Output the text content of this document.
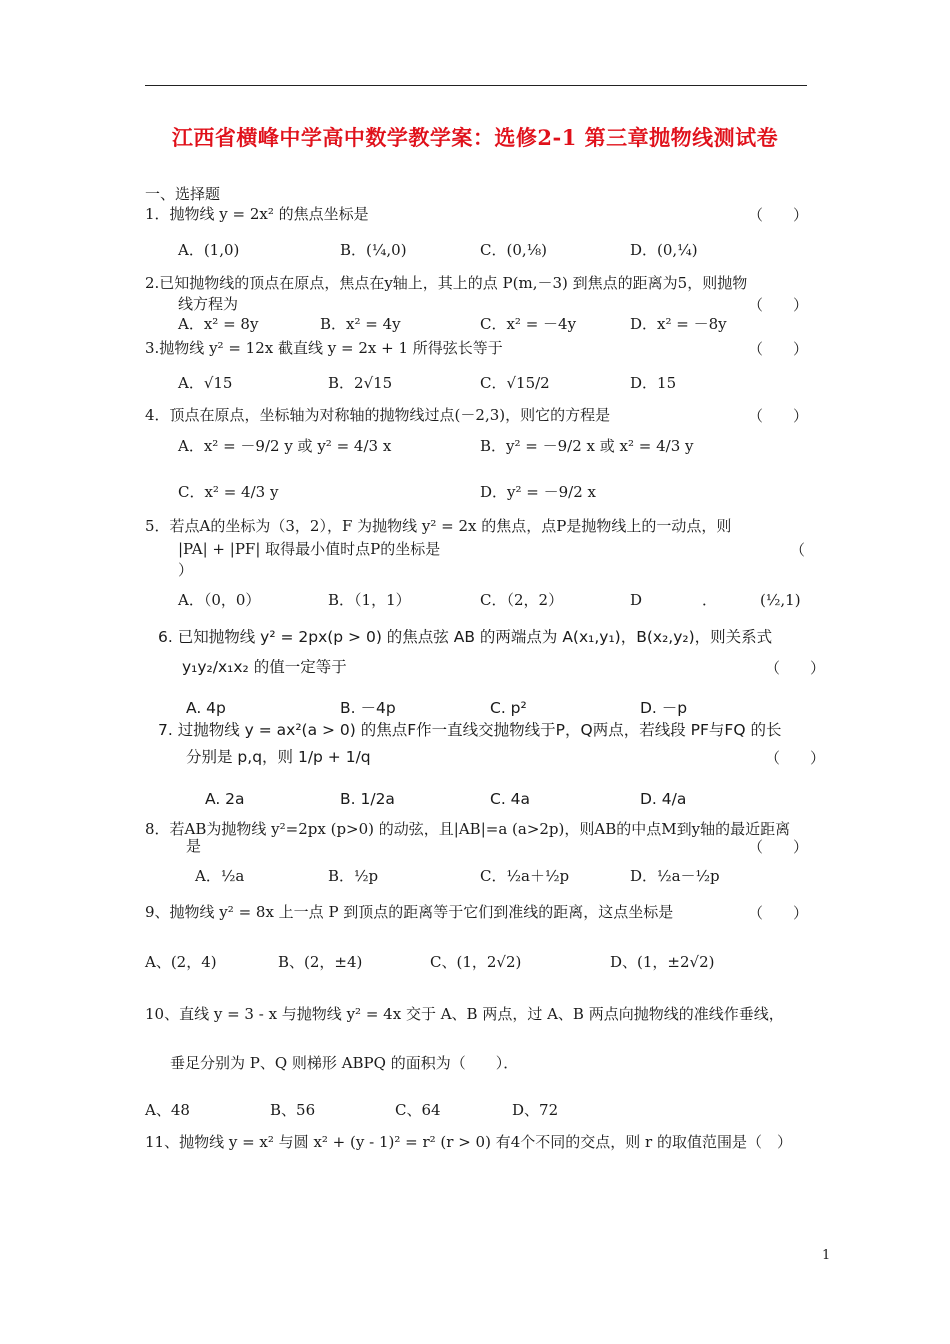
江西省横峰中学高中数学教学案：选修2-1 第三章抛物线测试卷
一、选择题
1．抛物线 y = 2x² 的焦点坐标是	（　　）
A．(1,0)	B．(¼,0)	C．(0,⅛)	D．(0,¼)
2.已知抛物线的顶点在原点，焦点在y轴上，其上的点 P(m,－3) 到焦点的距离为5，则抛物
线方程为	（　　）
A．x² = 8y	B．x² = 4y	C．x² = －4y	D．x² = －8y
3.抛物线 y² = 12x 截直线 y = 2x + 1 所得弦长等于	（　　）
A．√15	B．2√15	C．√15/2	D．15
4．顶点在原点，坐标轴为对称轴的抛物线过点(－2,3)，则它的方程是	（　　）
A．x² = －9/2 y 或 y² = 4/3 x	B．y² = －9/2 x 或 x² = 4/3 y
C．x² = 4/3 y	D．y² = －9/2 x
5．若点A的坐标为（3，2），F 为抛物线 y² = 2x 的焦点，点P是抛物线上的一动点，则
|PA| + |PF| 取得最小值时点P的坐标是	（
）
A．（0，0）	B．（1，1）	C．（2，2）	D　　　　．	(½,1)
6. 已知抛物线 y² = 2px(p > 0) 的焦点弦 AB 的两端点为 A(x₁,y₁)，B(x₂,y₂)，则关系式
y₁y₂/x₁x₂ 的值一定等于	（　　）
A. 4p	B. －4p	C. p²	D. －p
7. 过抛物线 y = ax²(a > 0) 的焦点F作一直线交抛物线于P，Q两点，若线段 PF与FQ 的长
分别是 p,q，则 1/p + 1/q	（　　）
A. 2a	B. 1/2a	C. 4a	D. 4/a
8．若AB为抛物线 y²=2px (p>0) 的动弦，且|AB|=a (a>2p)，则AB的中点M到y轴的最近距离
是	（　　）
A．½a	B．½p	C．½a＋½p	D．½a－½p
9、抛物线 y² = 8x 上一点 P 到顶点的距离等于它们到准线的距离，这点坐标是	（　　）
A、(2，4)	B、(2，±4)	C、(1，2√2)	D、(1，±2√2)
10、直线 y = 3 - x 与抛物线 y² = 4x 交于 A、B 两点，过 A、B 两点向抛物线的准线作垂线，
垂足分别为 P、Q 则梯形 ABPQ 的面积为（　　）．
A、48	B、56	C、64	D、72
11、抛物线 y = x² 与圆 x² + (y - 1)² = r² (r > 0) 有4个不同的交点，则 r 的取值范围是（　）
1
